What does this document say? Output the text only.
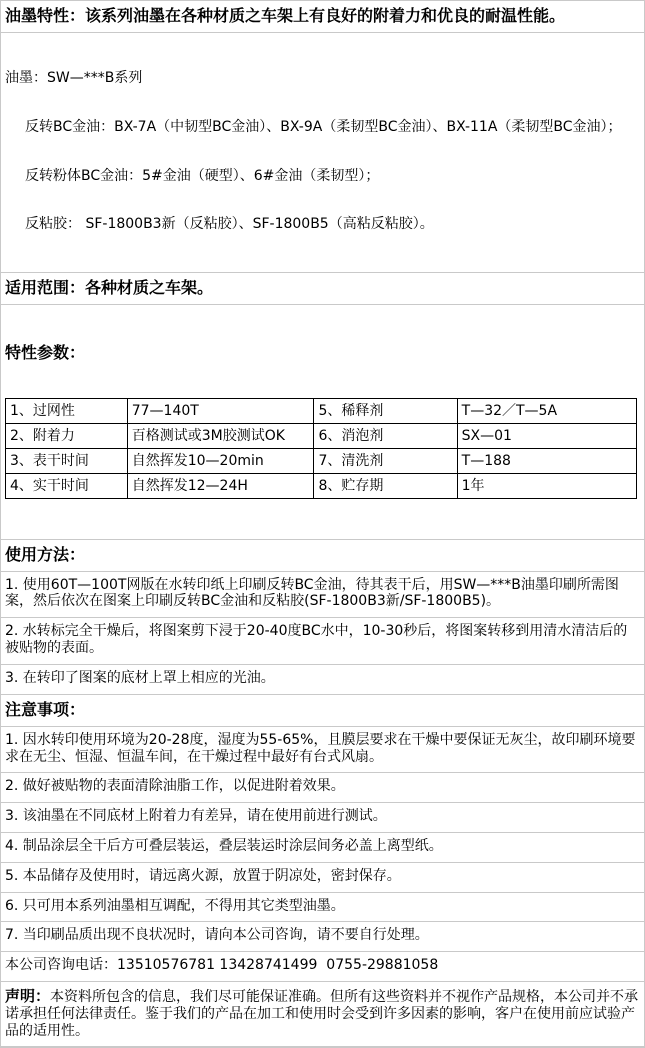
油墨特性：该系列油墨在各种材质之车架上有良好的附着力和优良的耐温性能。

油墨：SW—***B系列

反转BC金油：BX-7A（中韧型BC金油）、BX-9A（柔韧型BC金油）、BX-11A（柔韧型BC金油）；

反转粉体BC金油：5#金油（硬型）、6#金油（柔韧型）；

反粘胶： SF-1800B3新（反粘胶）、SF-1800B5（高粘反粘胶）。

适用范围：各种材质之车架。

特性参数：

1、过网性	77—140T	5、稀释剂	T—32／T—5A
2、附着力	百格测试或3M胶测试OK	6、消泡剂	SX—01
3、表干时间	自然挥发10—20min	7、清洗剂	T—188
4、实干时间	自然挥发12—24H	8、贮存期	1年

使用方法：
1. 使用60T—100T网版在水转印纸上印刷反转BC金油，待其表干后，用SW—***B油墨印刷所需图案，然后依次在图案上印刷反转BC金油和反粘胶(SF-1800B3新/SF-1800B5)。
2. 水转标完全干燥后，将图案剪下浸于20-40度BC水中，10-30秒后，将图案转移到用清水清洁后的被贴物的表面。
3. 在转印了图案的底材上罩上相应的光油。
注意事项：
1. 因水转印使用环境为20-28度，湿度为55-65%，且膜层要求在干燥中要保证无灰尘，故印刷环境要求在无尘、恒湿、恒温车间，在干燥过程中最好有台式风扇。
2. 做好被贴物的表面清除油脂工作，以促进附着效果。
3. 该油墨在不同底材上附着力有差异，请在使用前进行测试。
4. 制品涂层全干后方可叠层装运，叠层装运时涂层间务必盖上离型纸。
5. 本品储存及使用时，请远离火源，放置于阴凉处，密封保存。
6. 只可用本系列油墨相互调配，不得用其它类型油墨。
7. 当印刷品质出现不良状况时，请向本公司咨询，请不要自行处理。
本公司咨询电话：13510576781 13428741499  0755-29881058
声明：本资料所包含的信息，我们尽可能保证准确。但所有这些资料并不视作产品规格，本公司并不承诺承担任何法律责任。鉴于我们的产品在加工和使用时会受到许多因素的影响，客户在使用前应试验产品的适用性。
